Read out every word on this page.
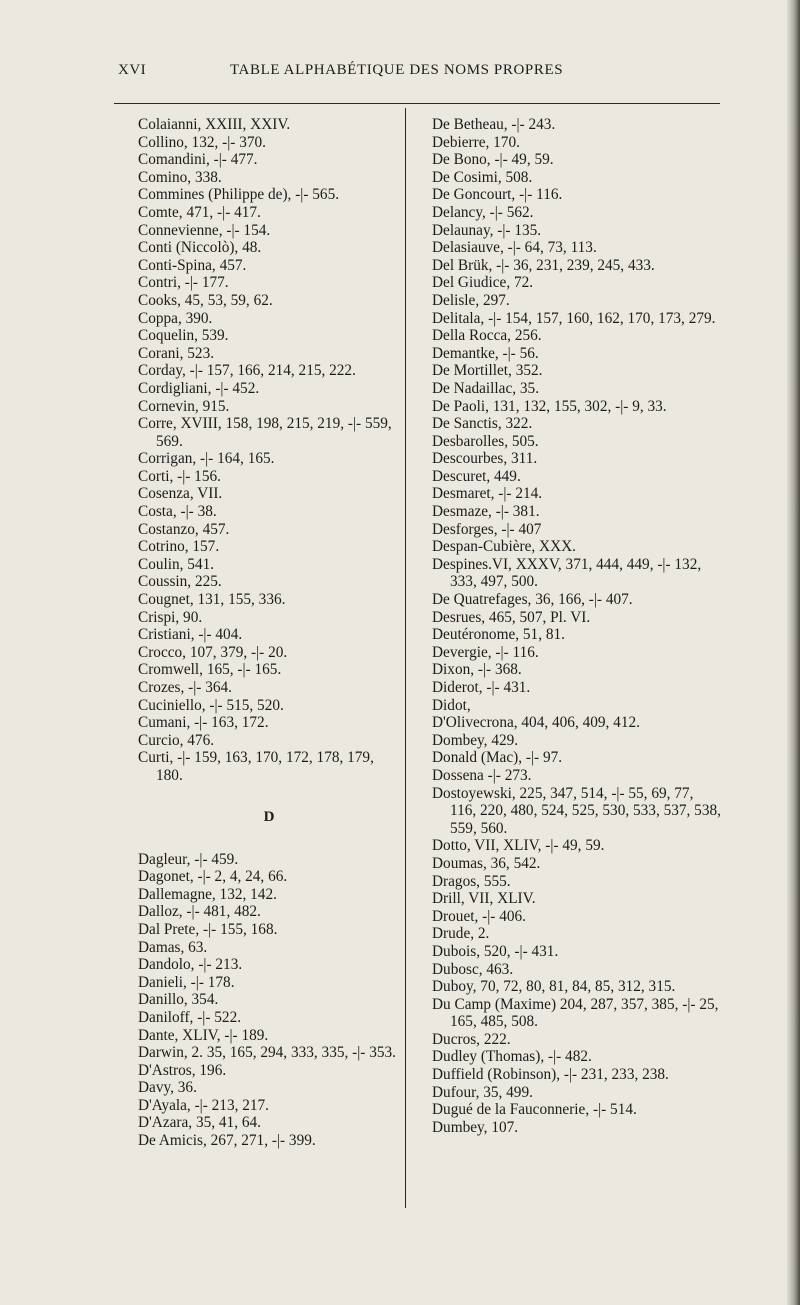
XVI	TABLE ALPHABÉTIQUE DES NOMS PROPRES
Colaianni, XXIII, XXIV.
Collino, 132, -|- 370.
Comandini, -|- 477.
Comino, 338.
Commines (Philippe de), -|- 565.
Comte, 471, -|- 417.
Connevienne, -|- 154.
Conti (Niccolò), 48.
Conti-Spina, 457.
Contri, -|- 177.
Cooks, 45, 53, 59, 62.
Coppa, 390.
Coquelin, 539.
Corani, 523.
Corday, -|- 157, 166, 214, 215, 222.
Cordigliani, -|- 452.
Cornevin, 915.
Corre, XVIII, 158, 198, 215, 219, -|- 559, 569.
Corrigan, -|- 164, 165.
Corti, -|- 156.
Cosenza, VII.
Costa, -|- 38.
Costanzo, 457.
Cotrino, 157.
Coulin, 541.
Coussin, 225.
Cougnet, 131, 155, 336.
Crispi, 90.
Cristiani, -|- 404.
Crocco, 107, 379, -|- 20.
Cromwell, 165, -|- 165.
Crozes, -|- 364.
Cuciniello, -|- 515, 520.
Cumani, -|- 163, 172.
Curcio, 476.
Curti, -|- 159, 163, 170, 172, 178, 179, 180.
D
Dagleur, -|- 459.
Dagonet, -|- 2, 4, 24, 66.
Dallemagne, 132, 142.
Dalloz, -|- 481, 482.
Dal Prete, -|- 155, 168.
Damas, 63.
Dandolo, -|- 213.
Danieli, -|- 178.
Danillo, 354.
Daniloff, -|- 522.
Dante, XLIV, -|- 189.
Darwin, 2. 35, 165, 294, 333, 335, -|- 353.
D'Astros, 196.
Davy, 36.
D'Ayala, -|- 213, 217.
D'Azara, 35, 41, 64.
De Amicis, 267, 271, -|- 399.
De Betheau, -|- 243.
Debierre, 170.
De Bono, -|- 49, 59.
De Cosimi, 508.
De Goncourt, -|- 116.
Delancy, -|- 562.
Delaunay, -|- 135.
Delasiauve, -|- 64, 73, 113.
Del Brük, -|- 36, 231, 239, 245, 433.
Del Giudice, 72.
Delisle, 297.
Delitala, -|- 154, 157, 160, 162, 170, 173, 279.
Della Rocca, 256.
Demantke, -|- 56.
De Mortillet, 352.
De Nadaillac, 35.
De Paoli, 131, 132, 155, 302, -|- 9, 33.
De Sanctis, 322.
Desbarolles, 505.
Descourbes, 311.
Descuret, 449.
Desmaret, -|- 214.
Desmaze, -|- 381.
Desforges, -|- 407
Despan-Cubière, XXX.
Despines.VI, XXXV, 371, 444, 449, -|- 132, 333, 497, 500.
De Quatrefages, 36, 166, -|- 407.
Desrues, 465, 507, Pl. VI.
Deutéronome, 51, 81.
Devergie, -|- 116.
Dixon, -|- 368.
Diderot, -|- 431.
Didot,
D'Olivecrona, 404, 406, 409, 412.
Dombey, 429.
Donald (Mac), -|- 97.
Dossena -|- 273.
Dostoyewski, 225, 347, 514, -|- 55, 69, 77, 116, 220, 480, 524, 525, 530, 533, 537, 538, 559, 560.
Dotto, VII, XLIV, -|- 49, 59.
Doumas, 36, 542.
Dragos, 555.
Drill, VII, XLIV.
Drouet, -|- 406.
Drude, 2.
Dubois, 520, -|- 431.
Dubosc, 463.
Duboy, 70, 72, 80, 81, 84, 85, 312, 315.
Du Camp (Maxime) 204, 287, 357, 385, -|- 25, 165, 485, 508.
Ducros, 222.
Dudley (Thomas), -|- 482.
Duffield (Robinson), -|- 231, 233, 238.
Dufour, 35, 499.
Dugué de la Fauconnerie, -|- 514.
Dumbey, 107.
